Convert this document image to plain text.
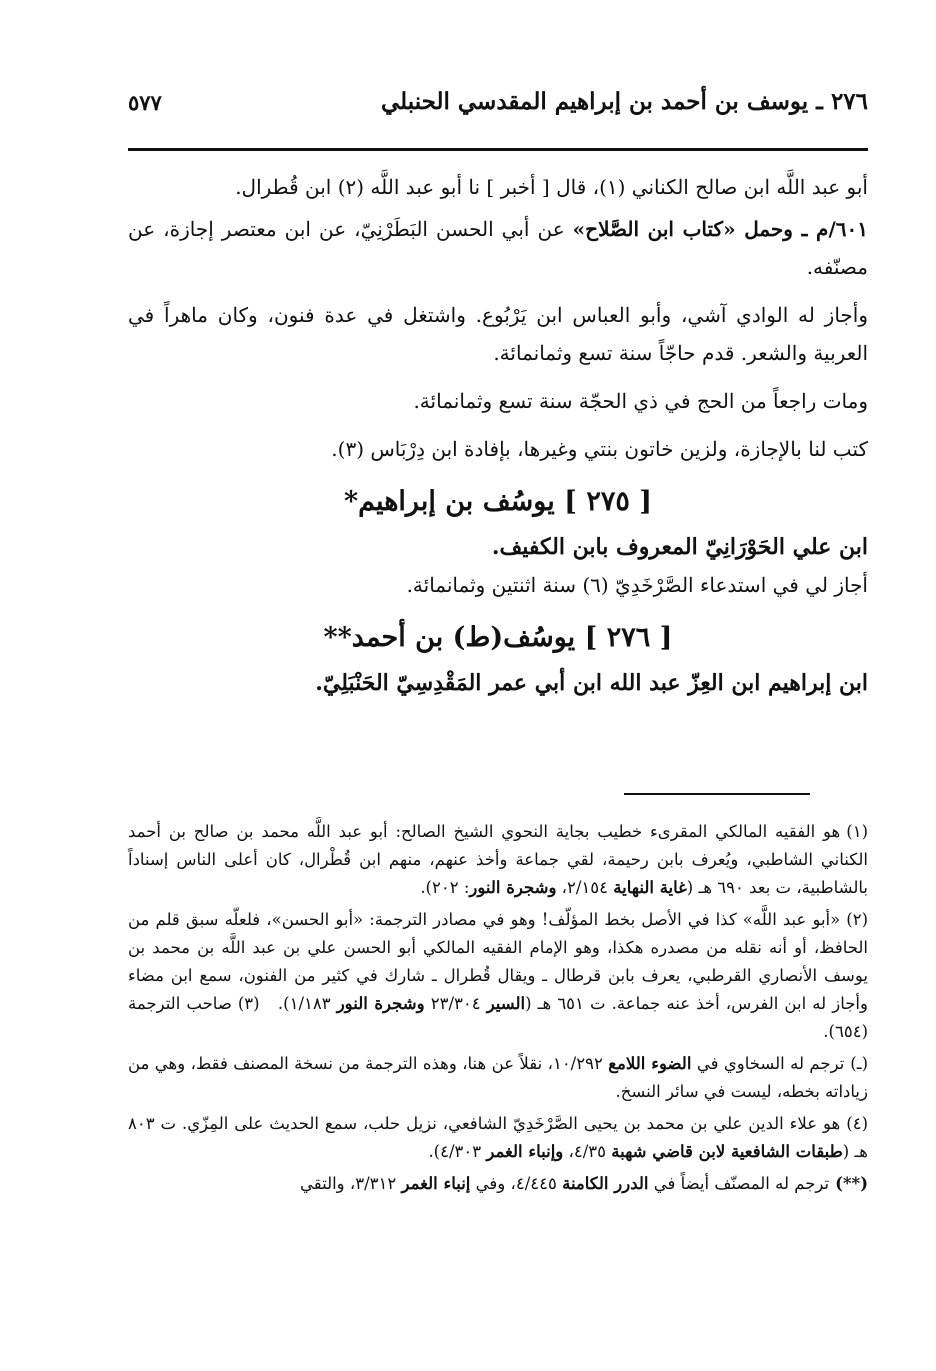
٢٧٦ ـ يوسف بن أحمد بن إبراهيم المقدسي الحنبلي
٥٧٧

أبو عبد اللَّه ابن صالح الكناني (١)، قال [ أخبر ] نا أبو عبد اللَّه (٢) ابن قُطرال.

٦٠١/م ـ وحمل «كتاب ابن الصَّلاح» عن أبي الحسن البَطَرْنِيّ، عن ابن معتصر إجازة، عن مصنّفه.

وأجاز له الوادي آشي، وأبو العباس ابن يَرْبُوع. واشتغل في عدة فنون، وكان ماهراً في العربية والشعر. قدم حاجّاً سنة تسع وثمانمائة.

ومات راجعاً من الحج في ذي الحجّة سنة تسع وثمانمائة.

كتب لنا بالإجازة، ولزين خاتون بنتي وغيرها، بإفادة ابن دِرْبَاس (٣).

[ ٢٧٥ ] يوسُف بن إبراهيم*

ابن علي الحَوْرَانِيّ المعروف بابن الكفيف.

أجاز لي في استدعاء الصَّرْخَدِيّ (٦) سنة اثنتين وثمانمائة.

[ ٢٧٦ ] يوسُف(ط) بن أحمد**

ابن إبراهيم ابن العِزّ عبد الله ابن أبي عمر المَقْدِسِيّ الحَنْبَلِيّ.

(١)هو الفقيه المالكي المقرىء خطيب بجاية النحوي الشيخ الصالح: أبو عبد اللَّه محمد بن صالح بن أحمد الكناني الشاطبي، ويُعرف بابن رحيمة، لقي جماعة وأخذ عنهم، منهم ابن قُطْرال، كان أعلى الناس إسناداً بالشاطبية، ت بعد ٦٩٠ هـ (غاية النهاية ٢/١٥٤، وشجرة النور: ٢٠٢).

(٢)«أبو عبد اللَّه» كذا في الأصل بخط المؤلّف! وهو في مصادر الترجمة: «أبو الحسن»، فلعلّه سبق قلم من الحافظ، أو أنه نقله من مصدره هكذا، وهو الإمام الفقيه المالكي أبو الحسن علي بن عبد اللَّه بن محمد بن يوسف الأنصاري القرطبي، يعرف بابن قرطال ـ ويقال قُطرال ـ شارك في كثير من الفنون، سمع ابن مضاء وأجاز له ابن الفرس، أخذ عنه جماعة. ت ٦٥١ هـ (السير ٢٣/٣٠٤ وشجرة النور ١/١٨٣).   (٣)صاحب الترجمة (٦٥٤).

(ـ)ترجم له السخاوي في الضوء اللامع ١٠/٢٩٢، نقلاً عن هنا، وهذه الترجمة من نسخة المصنف فقط، وهي من زياداته بخطه، ليست في سائر النسخ.

(٤)هو علاء الدين علي بن محمد بن يحيى الصَّرْخَدِيّ الشافعي، نزيل حلب، سمع الحديث على المِزّي. ت ٨٠٣ هـ (طبقات الشافعية لابن قاضي شهبة ٤/٣٥، وإنباء الغمر ٤/٣٠٣).

(**)ترجم له المصنّف أيضاً في الدرر الكامنة ٤/٤٤٥، وفي إنباء الغمر ٣/٣١٢، والتقي
